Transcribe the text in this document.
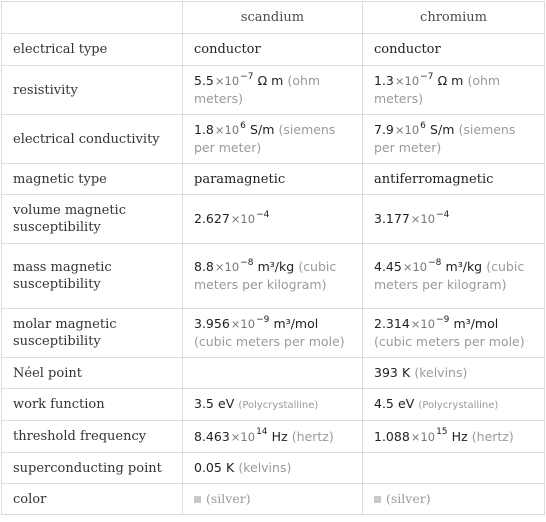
	scandium	chromium
electrical type	conductor	conductor
resistivity	$5.5\times 10^{-7}$ Ω m (ohm meters)	$1.3\times 10^{-7}$ Ω m (ohm meters)
electrical conductivity	$1.8\times 10^6$ S/m (siemens per meter)	$7.9\times 10^6$ S/m (siemens per meter)
magnetic type	paramagnetic	antiferromagnetic
volume magnetic susceptibility	$2.627\times 10^{-4}$	$3.177\times 10^{-4}$
mass magnetic susceptibility	$8.8\times 10^{-8}$ m³/kg (cubic meters per kilogram)	$4.45\times 10^{-8}$ m³/kg (cubic meters per kilogram)
molar magnetic susceptibility	$3.956\times 10^{-9}$ m³/mol (cubic meters per mole)	$2.314\times 10^{-9}$ m³/mol (cubic meters per mole)
Néel point		393 K (kelvins)
work function	3.5 eV (Polycrystalline)	4.5 eV (Polycrystalline)
threshold frequency	$8.463\times 10^{14}$ Hz (hertz)	$1.088\times 10^{15}$ Hz (hertz)
superconducting point	0.05 K (kelvins)	
color	(silver)	(silver)
